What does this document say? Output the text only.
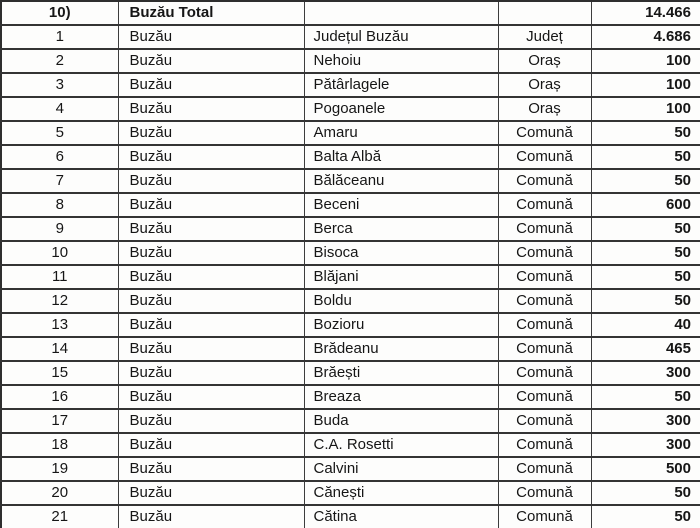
10)	Buzău Total			14.466
1	Buzău	Județul Buzău	Județ	4.686
2	Buzău	Nehoiu	Oraș	100
3	Buzău	Pătârlagele	Oraș	100
4	Buzău	Pogoanele	Oraș	100
5	Buzău	Amaru	Comună	50
6	Buzău	Balta Albă	Comună	50
7	Buzău	Bălăceanu	Comună	50
8	Buzău	Beceni	Comună	600
9	Buzău	Berca	Comună	50
10	Buzău	Bisoca	Comună	50
11	Buzău	Blăjani	Comună	50
12	Buzău	Boldu	Comună	50
13	Buzău	Bozioru	Comună	40
14	Buzău	Brădeanu	Comună	465
15	Buzău	Brăești	Comună	300
16	Buzău	Breaza	Comună	50
17	Buzău	Buda	Comună	300
18	Buzău	C.A. Rosetti	Comună	300
19	Buzău	Calvini	Comună	500
20	Buzău	Cănești	Comună	50
21	Buzău	Cătina	Comună	50
